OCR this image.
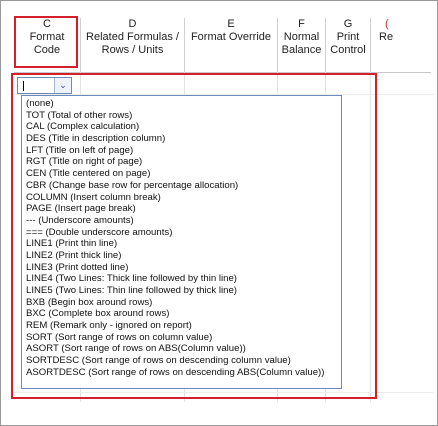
C
Format
Code
D
Related Formulas /
Rows / Units
E
Format Override
F
Normal
Balance
G
Print
Control
(
Re
⌄
(none)
TOT (Total of other rows)
CAL (Complex calculation)
DES (Title in description column)
LFT (Title on left of page)
RGT (Title on right of page)
CEN (Title centered on page)
CBR (Change base row for percentage allocation)
COLUMN (Insert column break)
PAGE (Insert page break)
--- (Underscore amounts)
=== (Double underscore amounts)
LINE1 (Print thin line)
LINE2 (Print thick line)
LINE3 (Print dotted line)
LINE4 (Two Lines: Thick line followed by thin line)
LINE5 (Two Lines: Thin line followed by thick line)
BXB (Begin box around rows)
BXC (Complete box around rows)
REM (Remark only - ignored on report)
SORT (Sort range of rows on column value)
ASORT (Sort range of rows on ABS(Column value))
SORTDESC (Sort range of rows on descending column value)
ASORTDESC (Sort range of rows on descending ABS(Column value))
